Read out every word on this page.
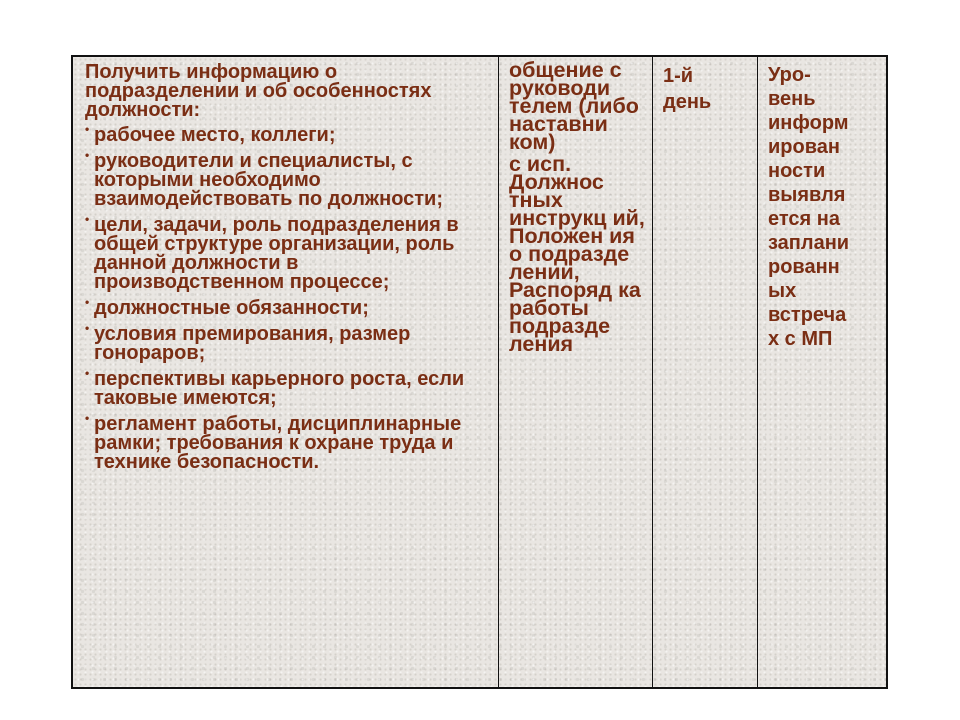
Получить информацию о подразделении и об особенностях должности:
• рабочее место, коллеги;
• руководители и специалисты, с которыми необходимо взаимодействовать по должности;
• цели, задачи, роль подразделения в общей структуре организации, роль данной должности в производственном процессе;
• должностные обязанности;
• условия премирования, размер гонораров;
• перспективы карьерного роста, если таковые имеются;
• регламент работы, дисциплинарные рамки; требования к охране труда и технике безопасности.
общение с руководи телем (либо наставни ком)
с исп. Должнос тных инструкц ий, Положен ия о подразде лении, Распоряд ка работы подразде ления
1-й
день
Уро-
вень
информ
ирован
ности
выявля
ется на
заплани
рованн
ых
встреча
х с МП
